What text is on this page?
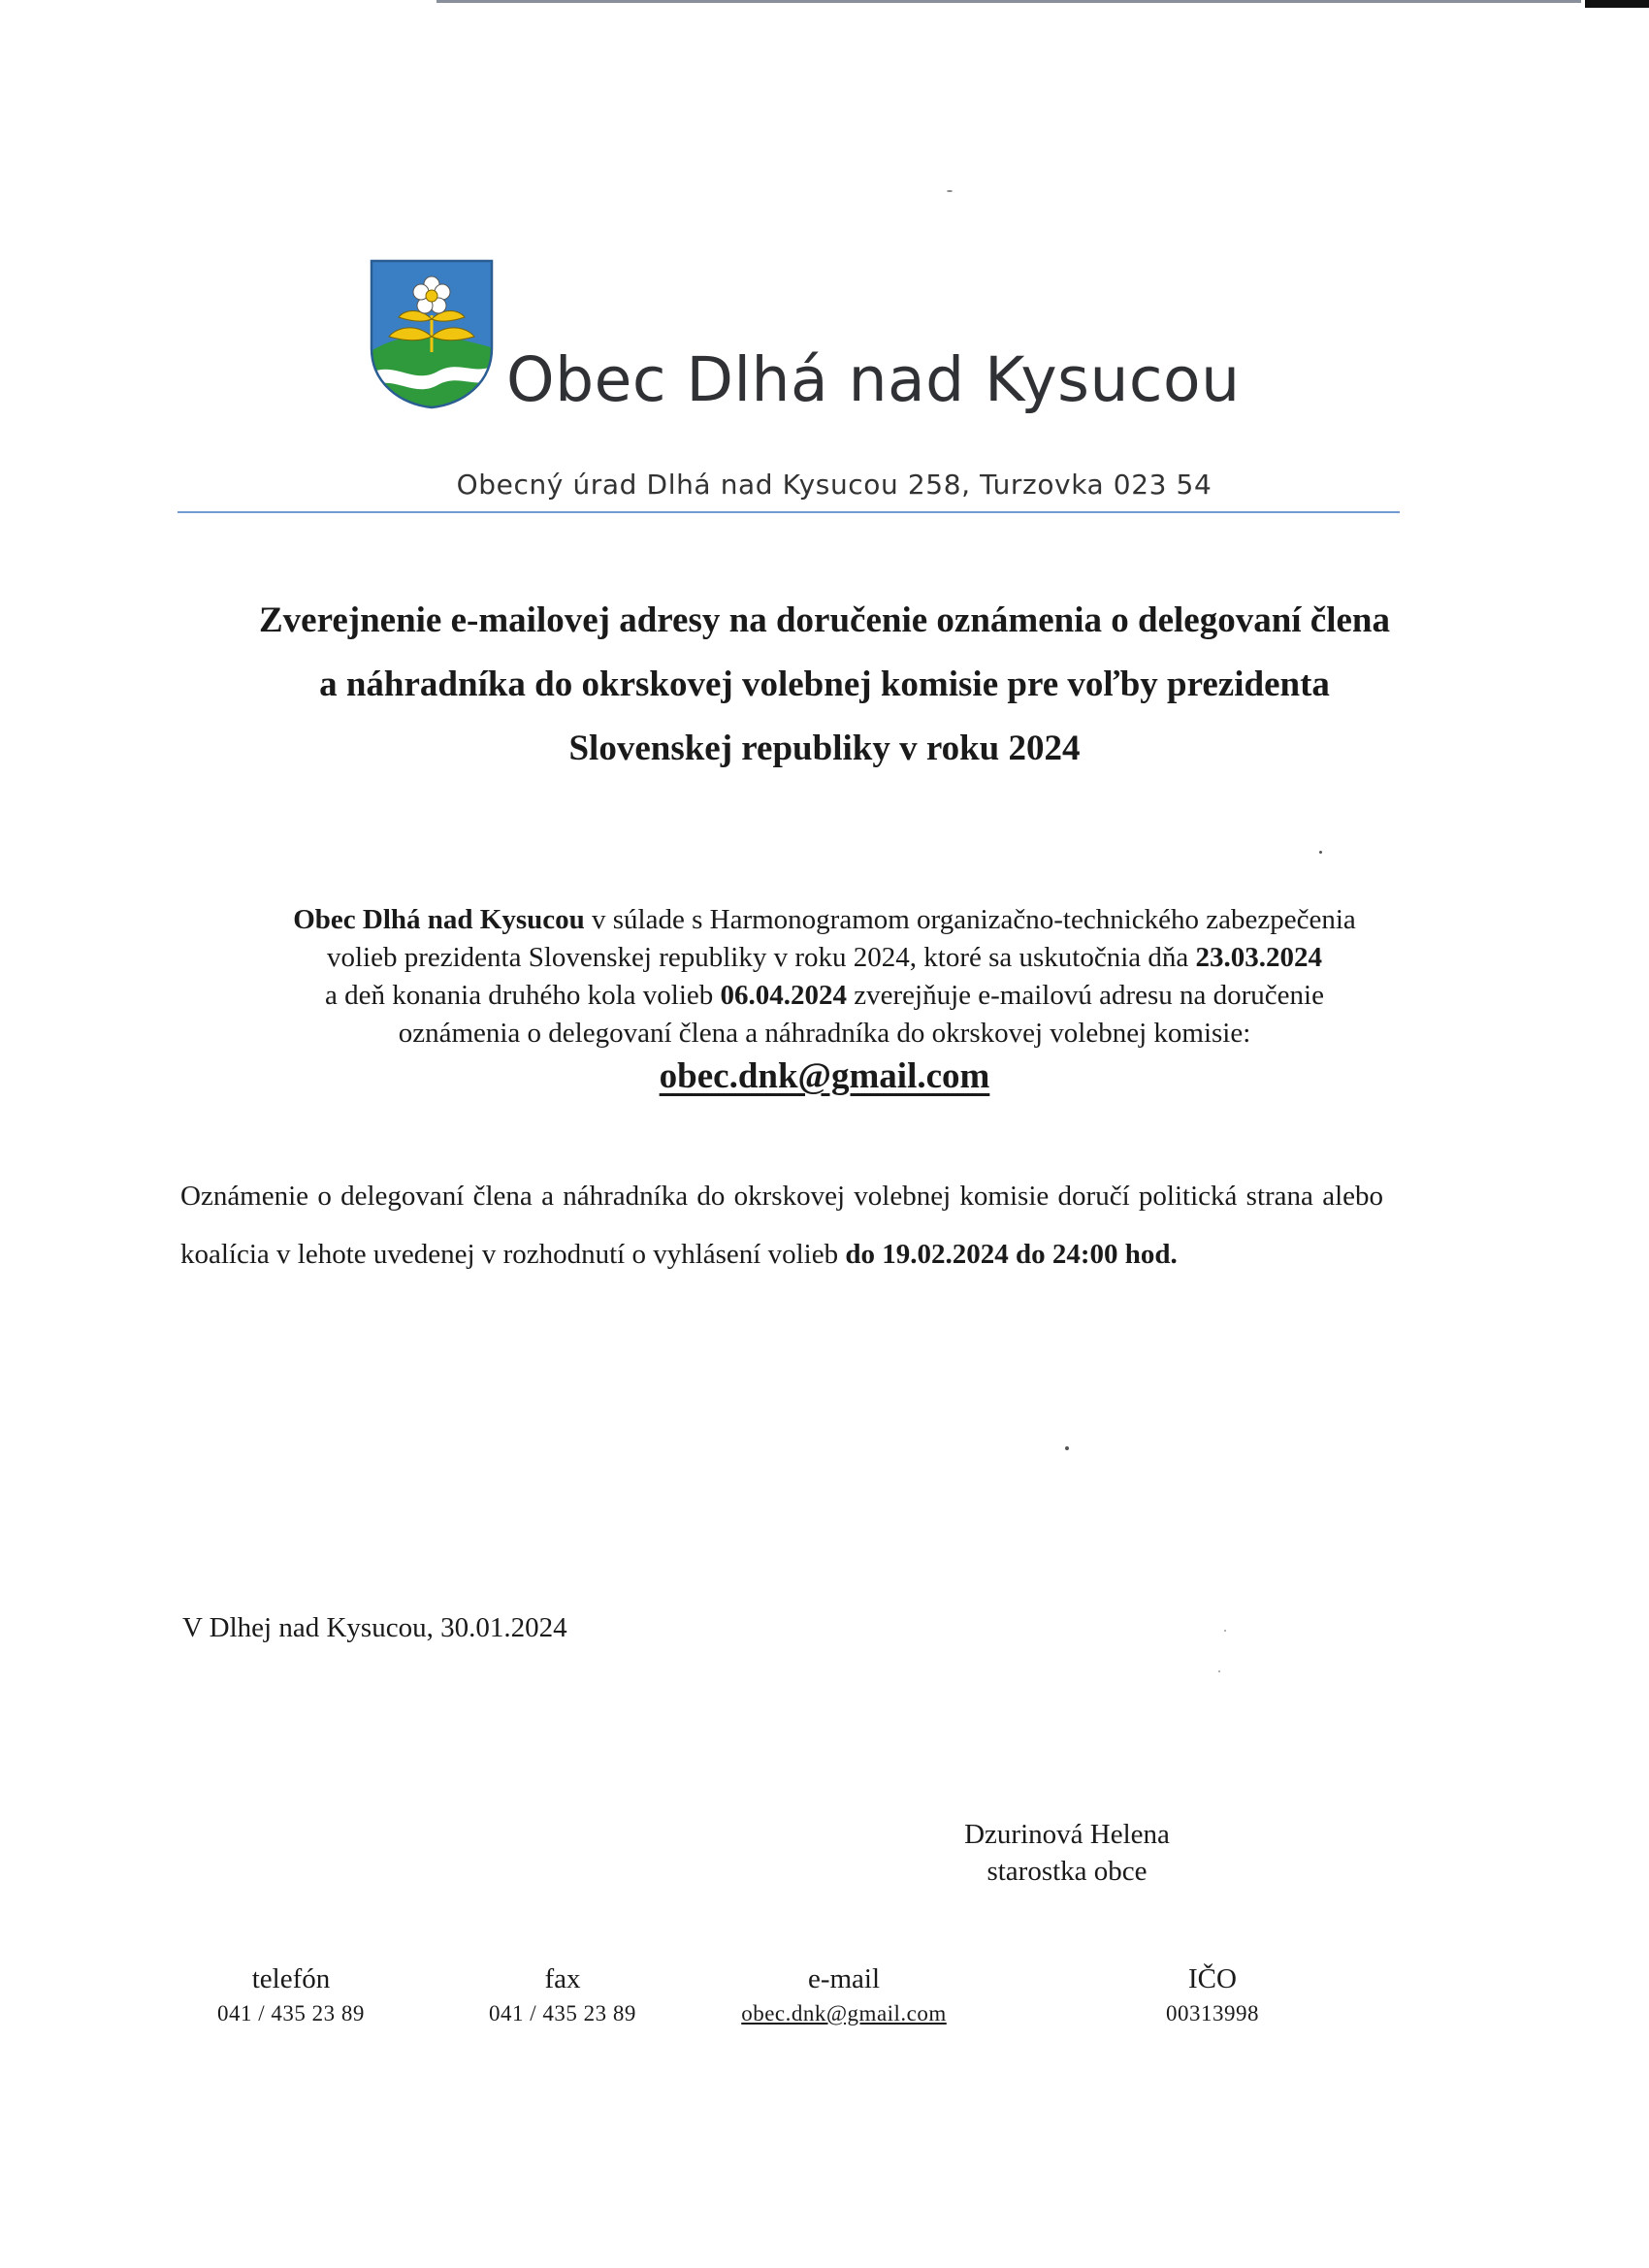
Obec Dlhá nad Kysucou
Obecný úrad Dlhá nad Kysucou 258, Turzovka 023 54
Zverejnenie e-mailovej adresy na doručenie oznámenia o delegovaní člena
a náhradníka do okrskovej volebnej komisie pre voľby prezidenta
Slovenskej republiky v roku 2024
Obec Dlhá nad Kysucou v súlade s Harmonogramom organizačno-technického zabezpečenia
volieb prezidenta Slovenskej republiky v roku 2024, ktoré sa uskutočnia dňa 23.03.2024
a deň konania druhého kola volieb 06.04.2024 zverejňuje e-mailovú adresu na doručenie
oznámenia o delegovaní člena a náhradníka do okrskovej volebnej komisie:
obec.dnk@gmail.com
Oznámenie o delegovaní člena a náhradníka do okrskovej volebnej komisie doručí politická strana alebo koalícia v lehote uvedenej v rozhodnutí o vyhlásení volieb do 19.02.2024 do 24:00 hod.
V Dlhej nad Kysucou, 30.01.2024
Dzurinová Helena
starostka obce
telefón
041 / 435 23 89
fax
041 / 435 23 89
e-mail
obec.dnk@gmail.com
IČO
00313998
